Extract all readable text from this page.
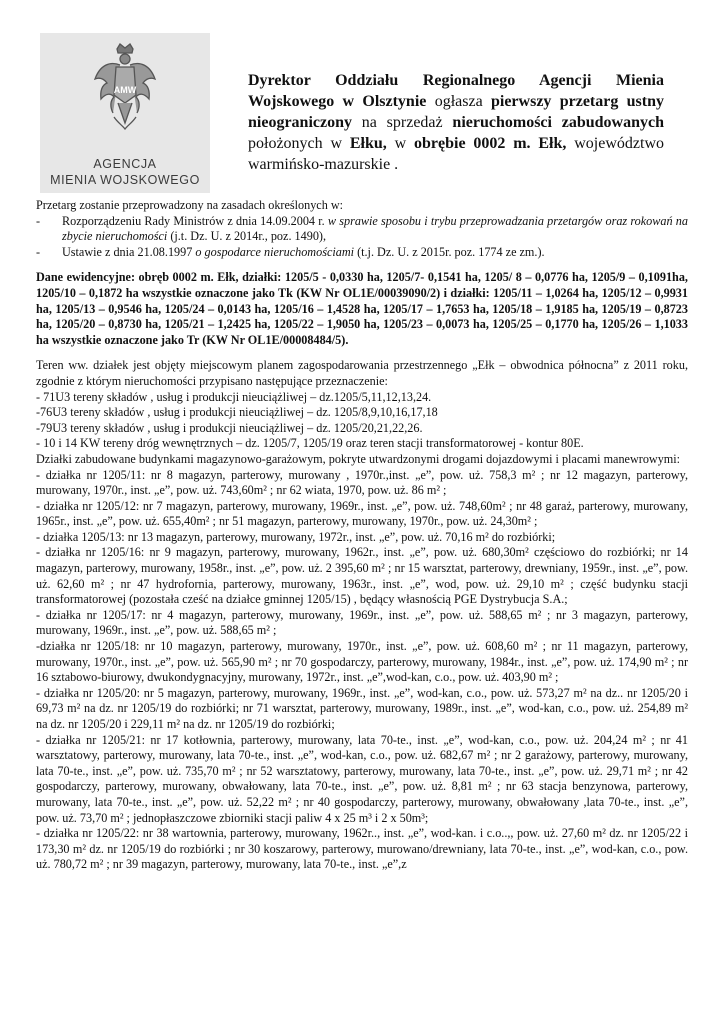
AMW
AGENCJA
MIENIA WOJSKOWEGO
Dyrektor Oddziału Regionalnego Agencji Mienia Wojskowego w Olsztynie ogłasza pierwszy przetarg ustny nieograniczony na sprzedaż nieruchomości zabudowanych położonych w Ełku, w obrębie 0002 m. Ełk, województwo warmińsko-mazurskie .

Przetarg zostanie przeprowadzony na zasadach określonych w:

- Rozporządzeniu Rady Ministrów z dnia 14.09.2004 r. w sprawie sposobu i trybu przeprowadzania przetargów oraz rokowań na zbycie nieruchomości (j.t. Dz. U. z 2014r., poz. 1490),
- Ustawie z dnia 21.08.1997 o gospodarce nieruchomościami (t.j. Dz. U. z 2015r. poz. 1774 ze zm.).

Dane ewidencyjne: obręb 0002 m. Ełk, działki: 1205/5 - 0,0330 ha, 1205/7- 0,1541 ha, 1205/ 8 – 0,0776 ha, 1205/9 – 0,1091ha, 1205/10 – 0,1872 ha wszystkie oznaczone jako Tk (KW Nr OL1E/00039090/2) i działki: 1205/11 – 1,0264 ha, 1205/12 – 0,9931 ha, 1205/13 – 0,9546 ha, 1205/24 – 0,0143 ha, 1205/16 – 1,4528 ha, 1205/17 – 1,7653 ha, 1205/18 – 1,9185 ha, 1205/19 – 0,8723 ha, 1205/20 – 0,8730 ha, 1205/21 – 1,2425 ha, 1205/22 – 1,9050 ha, 1205/23 – 0,0073 ha, 1205/25 – 0,1770 ha, 1205/26 – 1,1033 ha wszystkie oznaczone jako Tr (KW Nr OL1E/00008484/5).

Teren ww. działek jest objęty miejscowym planem zagospodarowania przestrzennego „Ełk – obwodnica północna” z 2011 roku, zgodnie z którym nieruchomości przypisano następujące przeznaczenie:

- 71U3 tereny składów , usług i produkcji nieuciążliwej – dz.1205/5,11,12,13,24.

-76U3 tereny składów , usług i produkcji nieuciążliwej – dz. 1205/8,9,10,16,17,18

-79U3 tereny składów , usług i produkcji nieuciążliwej – dz. 1205/20,21,22,26.

- 10 i 14 KW tereny dróg wewnętrznych – dz. 1205/7, 1205/19 oraz teren stacji transformatorowej - kontur 80E.

Działki zabudowane budynkami magazynowo-garażowym, pokryte utwardzonymi drogami dojazdowymi i placami manewrowymi:

- działka nr 1205/11: nr 8 magazyn, parterowy, murowany , 1970r.,inst. „e”, pow. uż. 758,3 m² ; nr 12 magazyn, parterowy, murowany, 1970r., inst. „e”, pow. uż. 743,60m² ; nr 62 wiata, 1970, pow. uż. 86 m² ;

- działka nr 1205/12: nr 7 magazyn, parterowy, murowany, 1969r., inst. „e”, pow. uż. 748,60m² ; nr 48 garaż, parterowy, murowany, 1965r., inst. „e”, pow. uż. 655,40m² ; nr 51 magazyn, parterowy, murowany, 1970r., pow. uż. 24,30m² ;

- działka 1205/13: nr 13 magazyn, parterowy, murowany, 1972r., inst. „e”, pow. uż. 70,16 m² do rozbiórki;

- działka nr 1205/16: nr 9 magazyn, parterowy, murowany, 1962r., inst. „e”, pow. uż. 680,30m² częściowo do rozbiórki; nr 14 magazyn, parterowy, murowany, 1958r., inst. „e”, pow. uż. 2 395,60 m² ; nr 15 warsztat, parterowy, drewniany, 1959r., inst. „e”, pow. uż. 62,60 m² ; nr 47 hydrofornia, parterowy, murowany, 1963r., inst. „e”, wod, pow. uż. 29,10 m² ; część budynku stacji transformatorowej (pozostała cześć na działce gminnej 1205/15) , będący własnością PGE Dystrybucja S.A.;

- działka nr 1205/17: nr 4 magazyn, parterowy, murowany, 1969r., inst. „e”, pow. uż. 588,65 m² ; nr 3 magazyn, parterowy, murowany, 1969r., inst. „e”, pow. uż. 588,65 m² ;

-działka nr 1205/18: nr 10 magazyn, parterowy, murowany, 1970r., inst. „e”, pow. uż. 608,60 m² ; nr 11 magazyn, parterowy, murowany, 1970r., inst. „e”, pow. uż. 565,90 m² ; nr 70 gospodarczy, parterowy, murowany, 1984r., inst. „e”, pow. uż. 174,90 m² ; nr 16 sztabowo-biurowy, dwukondygnacyjny, murowany, 1972r., inst. „e”,wod-kan, c.o., pow. uż. 403,90 m² ;

- działka nr 1205/20: nr 5 magazyn, parterowy, murowany, 1969r., inst. „e”, wod-kan, c.o., pow. uż. 573,27 m² na dz.. nr 1205/20 i 69,73 m² na dz. nr 1205/19 do rozbiórki; nr 71 warsztat, parterowy, murowany, 1989r., inst. „e”, wod-kan, c.o., pow. uż. 254,89 m² na dz. nr 1205/20 i 229,11 m² na dz. nr 1205/19 do rozbiórki;

- działka nr 1205/21: nr 17 kotłownia, parterowy, murowany, lata 70-te., inst. „e”, wod-kan, c.o., pow. uż. 204,24 m² ; nr 41 warsztatowy, parterowy, murowany, lata 70-te., inst. „e”, wod-kan, c.o., pow. uż. 682,67 m² ; nr 2 garażowy, parterowy, murowany, lata 70-te., inst. „e”, pow. uż. 735,70 m² ; nr 52 warsztatowy, parterowy, murowany, lata 70-te., inst. „e”, pow. uż. 29,71 m² ; nr 42 gospodarczy, parterowy, murowany, obwałowany, lata 70-te., inst. „e”, pow. uż. 8,81 m² ; nr 63 stacja benzynowa, parterowy, murowany, lata 70-te., inst. „e”, pow. uż. 52,22 m² ; nr 40 gospodarczy, parterowy, murowany, obwałowany ,lata 70-te., inst. „e”, pow. uż. 73,70 m² ; jednopłaszczowe zbiorniki stacji paliw 4 x 25 m³ i 2 x 50m³;

- działka nr 1205/22: nr 38 wartownia, parterowy, murowany, 1962r.., inst. „e”, wod-kan. i c.o..,, pow. uż. 27,60 m² dz. nr 1205/22 i 173,30 m² dz. nr 1205/19 do rozbiórki ; nr 30 koszarowy, parterowy, murowano/drewniany, lata 70-te., inst. „e”, wod-kan, c.o., pow. uż. 780,72 m² ; nr 39 magazyn, parterowy, murowany, lata 70-te., inst. „e”,z
